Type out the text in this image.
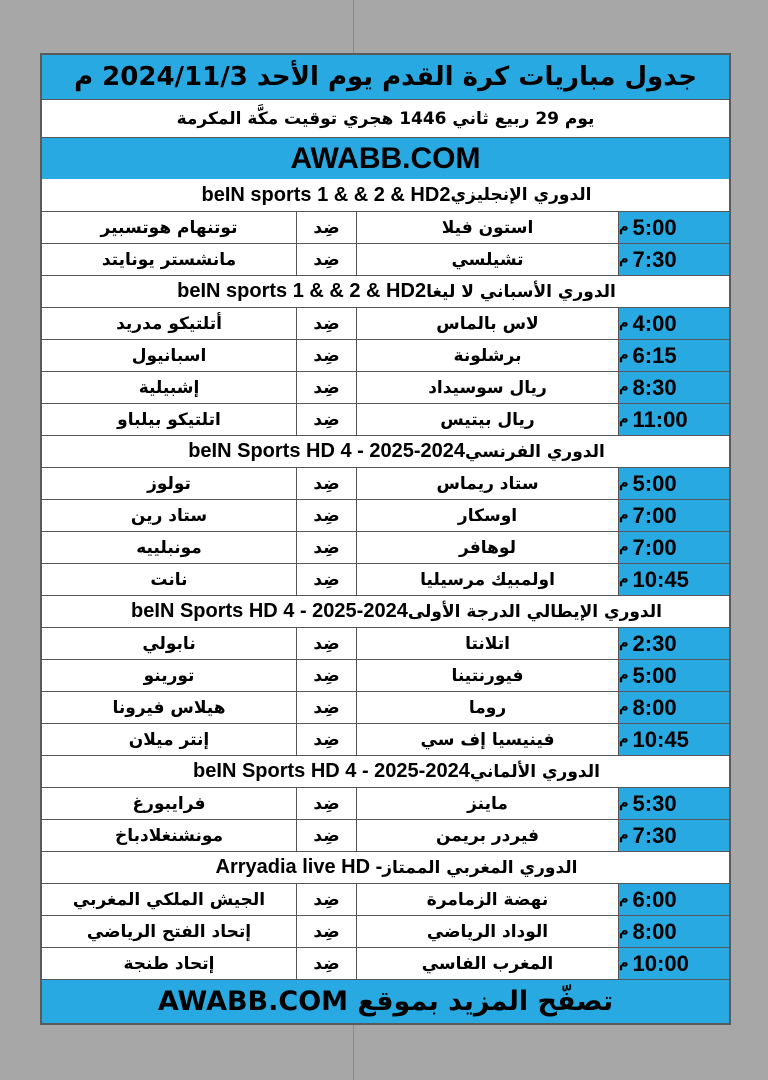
جدول مباريات كرة القدم يوم الأحد 2024/11/3 م
يوم 29 ربيع ثاني 1446 هجري توقيت مكَّة المكرمة
AWABB.COM
الدوري الإنجليزي
beIN sports 1 & & 2 & HD2
توتنهام هوتسبير	ضِد	استون فيلا	5:00
م
مانشستر يونايتد	ضِد	تشيلسي	7:30
م
الدوري الأسباني لا ليغا
beIN sports 1 & & 2 & HD2
أتلتيكو مدريد	ضِد	لاس بالماس	4:00
م
اسبانيول	ضِد	برشلونة	6:15
م
إشبيلية	ضِد	ريال سوسيداد	8:30
م
اتلتيكو بيلباو	ضِد	ريال بيتيس	11:00
م
الدوري الفرنسي
beIN Sports HD 4 - 2025-2024
تولوز	ضِد	ستاد ريماس	5:00
م
ستاد رين	ضِد	اوسكار	7:00
م
مونبلييه	ضِد	لوهافر	7:00
م
نانت	ضِد	اولمبيك مرسيليا	10:45
م
الدوري الإيطالي الدرجة الأولى
beIN Sports HD 4 - 2025-2024
نابولي	ضِد	اتلانتا	2:30
م
تورينو	ضِد	فيورنتينا	5:00
م
هيلاس فيرونا	ضِد	روما	8:00
م
إنتر ميلان	ضِد	فينيسيا إف سي	10:45
م
الدوري الألماني
beIN Sports HD 4 - 2025-2024
فرايبورغ	ضِد	ماينز	5:30
م
مونشنغلادباخ	ضِد	فيردر بريمن	7:30
م
الدوري المغربي الممتاز
Arryadia live HD -
الجيش الملكي المغربي	ضِد	نهضة الزمامرة	6:00
م
إتحاد الفتح الرياضي	ضِد	الوداد الرياضي	8:00
م
إتحاد طنجة	ضِد	المغرب الفاسي	10:00
م
تصفّح المزيد بموقع AWABB.COM
